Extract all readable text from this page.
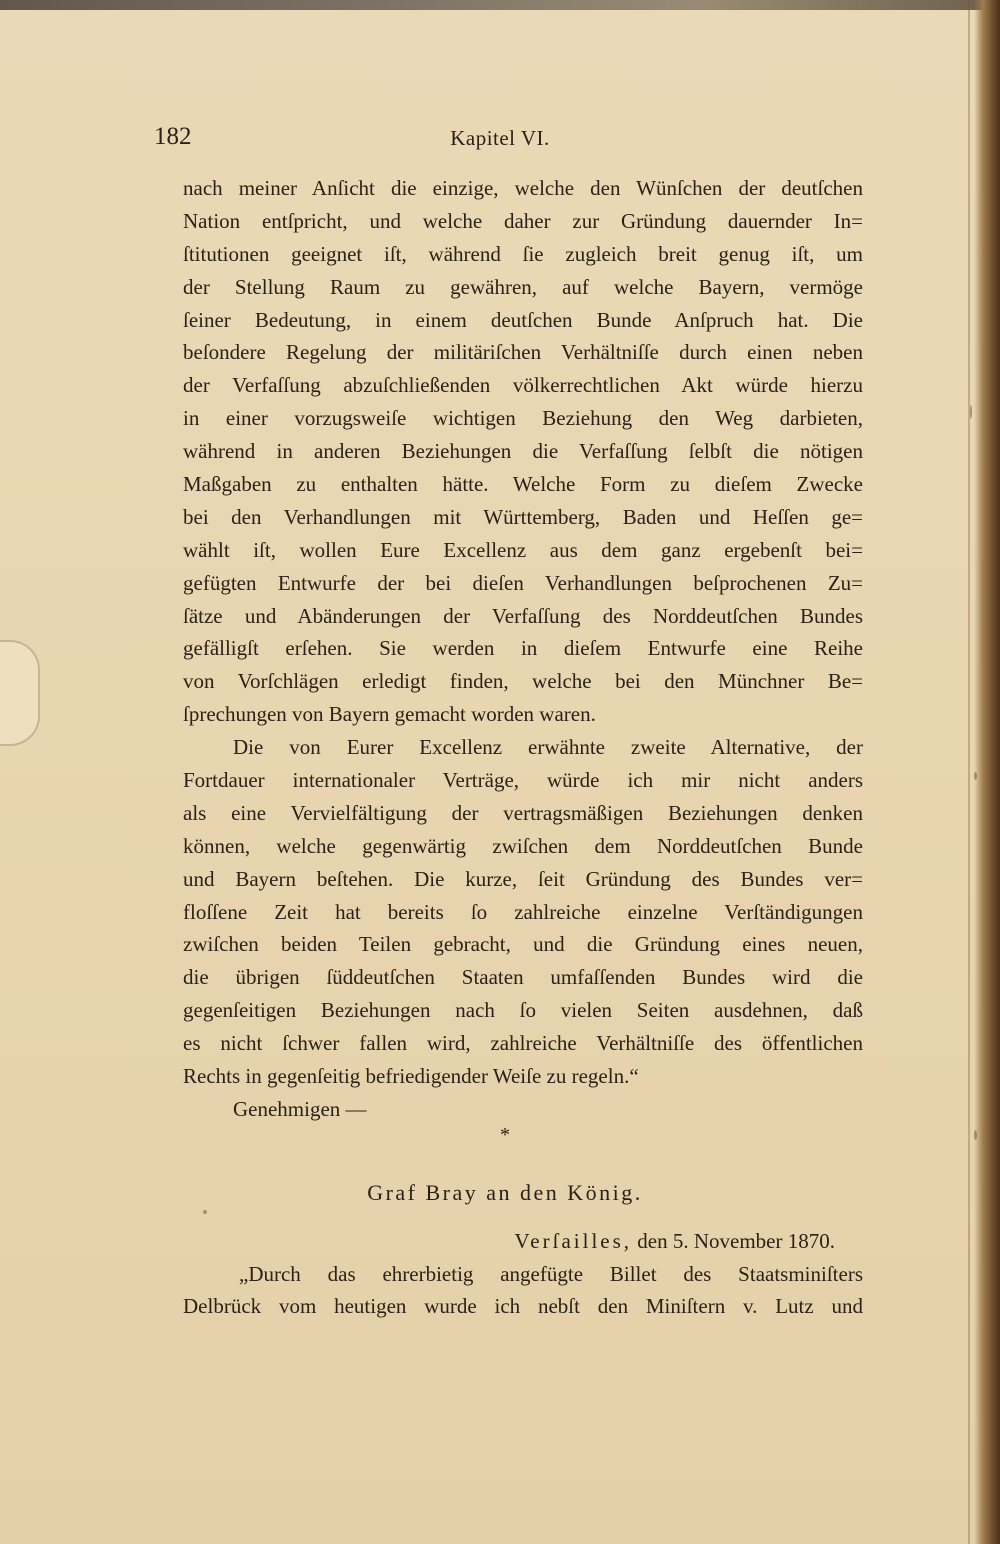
182	Kapitel VI.
nach meiner Anſicht die einzige, welche den Wünſchen der deutſchen
Nation entſpricht, und welche daher zur Gründung dauernder In=
ſtitutionen geeignet iſt, während ſie zugleich breit genug iſt, um
der Stellung Raum zu gewähren, auf welche Bayern, vermöge
ſeiner Bedeutung, in einem deutſchen Bunde Anſpruch hat. Die
beſondere Regelung der militäriſchen Verhältniſſe durch einen neben
der Verfaſſung abzuſchließenden völkerrechtlichen Akt würde hierzu
in einer vorzugsweiſe wichtigen Beziehung den Weg darbieten,
während in anderen Beziehungen die Verfaſſung ſelbſt die nötigen
Maßgaben zu enthalten hätte. Welche Form zu dieſem Zwecke
bei den Verhandlungen mit Württemberg, Baden und Heſſen ge=
wählt iſt, wollen Eure Excellenz aus dem ganz ergebenſt bei=
gefügten Entwurfe der bei dieſen Verhandlungen beſprochenen Zu=
ſätze und Abänderungen der Verfaſſung des Norddeutſchen Bundes
gefälligſt erſehen. Sie werden in dieſem Entwurfe eine Reihe
von Vorſchlägen erledigt finden, welche bei den Münchner Be=
ſprechungen von Bayern gemacht worden waren.
Die von Eurer Excellenz erwähnte zweite Alternative, der
Fortdauer internationaler Verträge, würde ich mir nicht anders
als eine Vervielfältigung der vertragsmäßigen Beziehungen denken
können, welche gegenwärtig zwiſchen dem Norddeutſchen Bunde
und Bayern beſtehen. Die kurze, ſeit Gründung des Bundes ver=
floſſene Zeit hat bereits ſo zahlreiche einzelne Verſtändigungen
zwiſchen beiden Teilen gebracht, und die Gründung eines neuen,
die übrigen ſüddeutſchen Staaten umfaſſenden Bundes wird die
gegenſeitigen Beziehungen nach ſo vielen Seiten ausdehnen, daß
es nicht ſchwer fallen wird, zahlreiche Verhältniſſe des öffentlichen
Rechts in gegenſeitig befriedigender Weiſe zu regeln.“
Genehmigen —
*
Graf Bray an den König.
Verſailles, den 5. November 1870.
„Durch das ehrerbietig angefügte Billet des Staatsminiſters
Delbrück vom heutigen wurde ich nebſt den Miniſtern v. Lutz und
